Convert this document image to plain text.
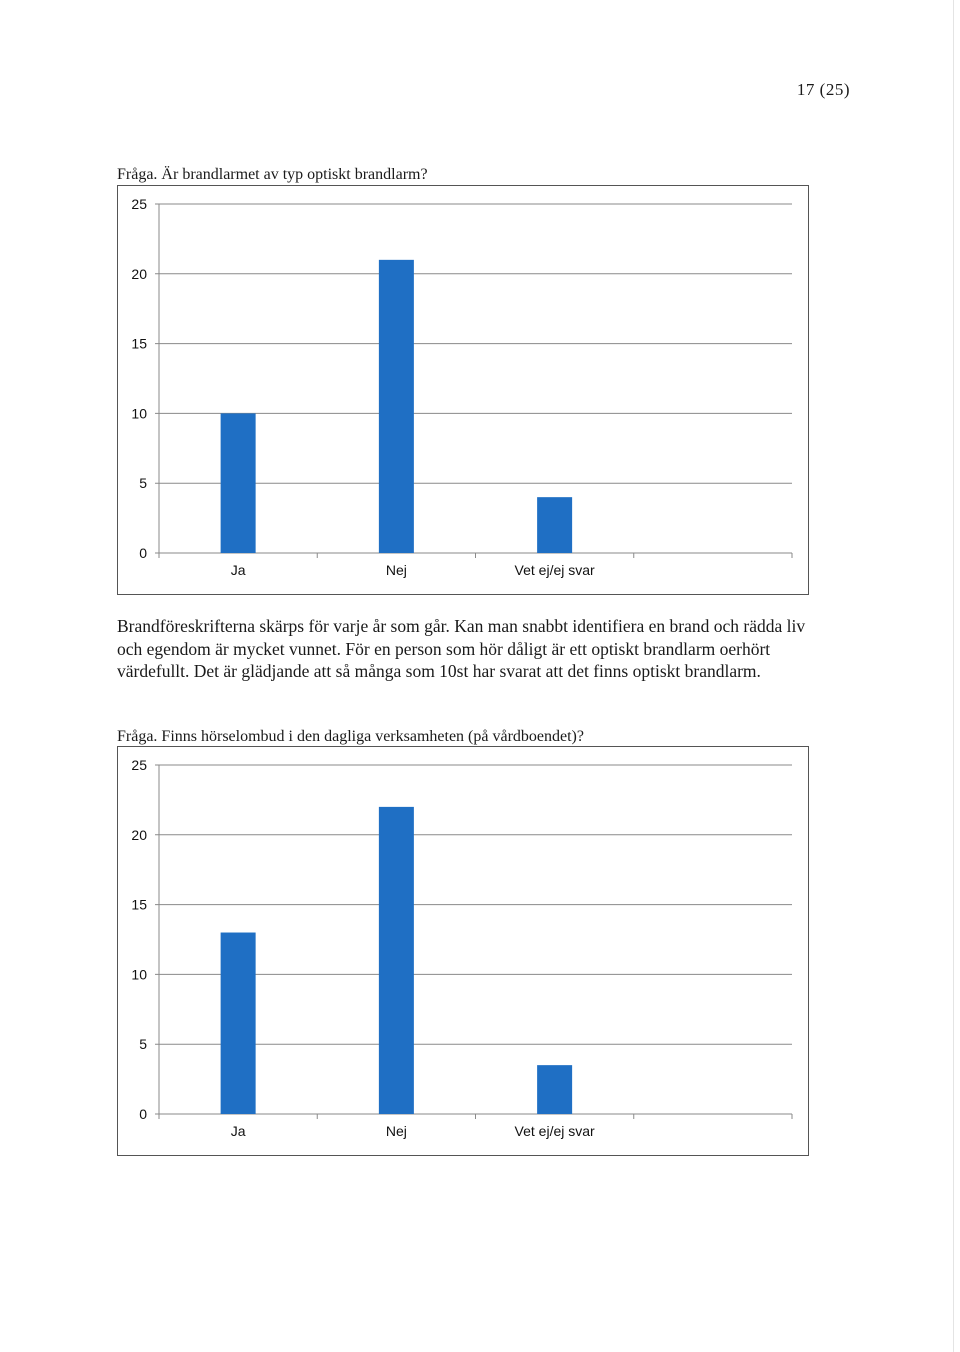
17 (25)
Fråga. Är brandlarmet av typ optiskt brandlarm?
0
5
10
15
20
25
Ja	Nej	Vet ej/ej svar
Brandföreskrifterna skärps för varje år som går. Kan man snabbt identifiera en brand och rädda liv och egendom är mycket vunnet. För en person som hör dåligt är ett optiskt brandlarm oerhört värdefullt. Det är glädjande att så många som 10st har svarat att det finns optiskt brandlarm.
Fråga. Finns hörselombud i den dagliga verksamheten (på vårdboendet)?
0
5
10
15
20
25
Ja	Nej	Vet ej/ej svar
